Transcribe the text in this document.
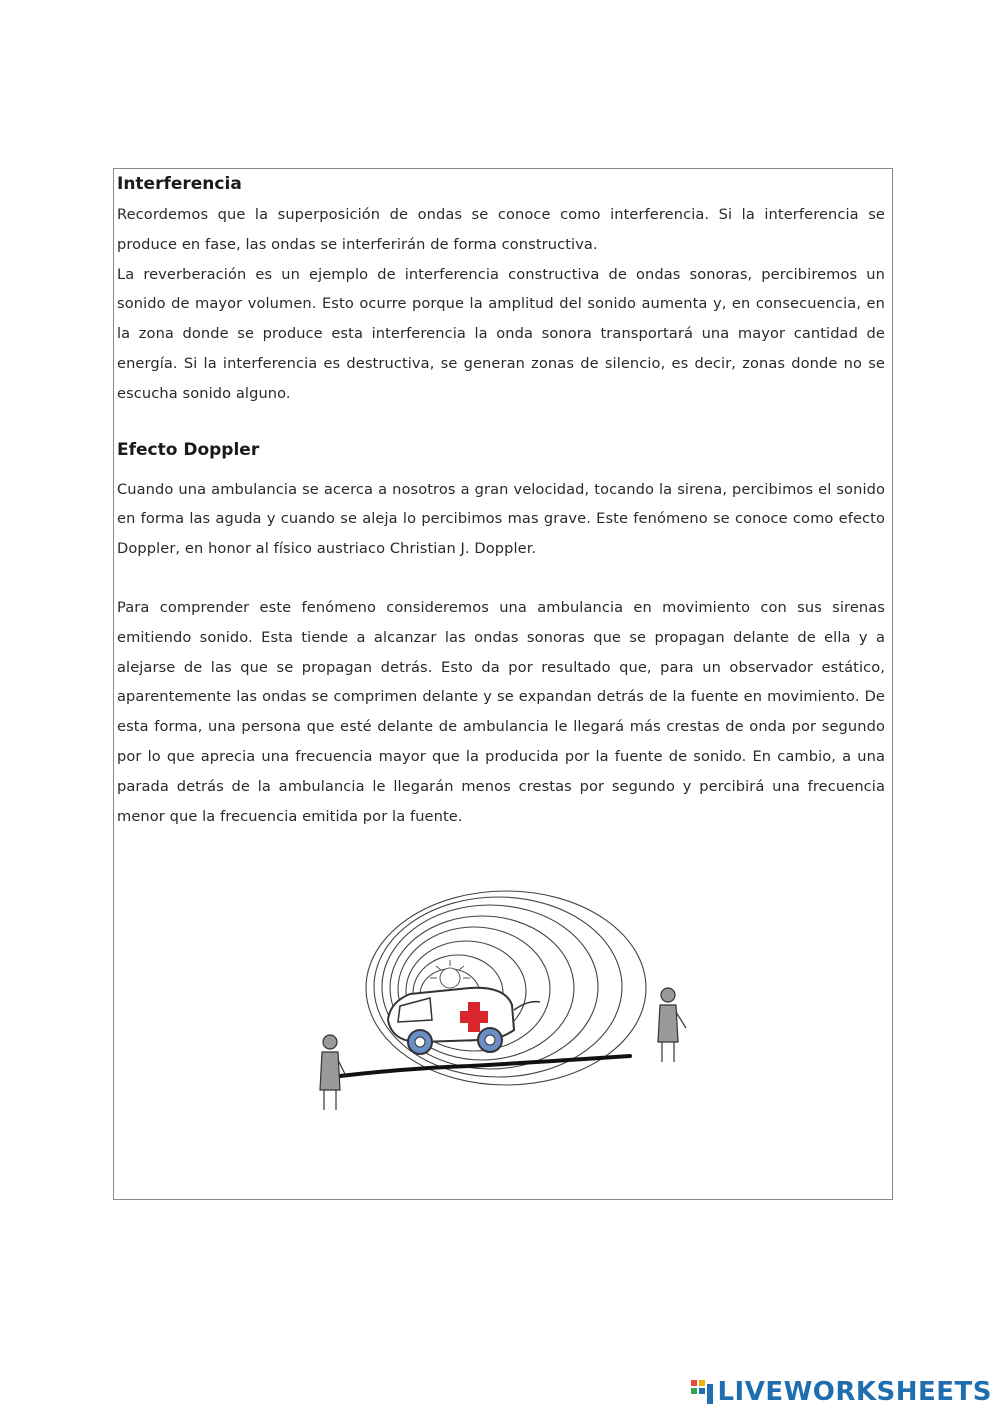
Interferencia

Recordemos que la superposición de ondas se conoce como interferencia. Si la interferencia se produce en fase, las ondas se interferirán de forma constructiva.

La reverberación es un ejemplo de interferencia constructiva de ondas sonoras, percibiremos un sonido de mayor volumen. Esto ocurre porque la amplitud del sonido aumenta y, en consecuencia, en la zona donde se produce esta interferencia la onda sonora transportará una mayor cantidad de energía. Si la interferencia es destructiva, se generan zonas de silencio, es decir, zonas donde no se escucha sonido alguno.

Efecto Doppler

Cuando una ambulancia se acerca a nosotros a gran velocidad, tocando la sirena, percibimos el sonido en forma las aguda y cuando se aleja lo percibimos mas grave. Este fenómeno se conoce como efecto Doppler, en honor al físico austriaco Christian J. Doppler.

Para comprender este fenómeno consideremos una ambulancia en movimiento con sus sirenas emitiendo sonido. Esta tiende a alcanzar las ondas sonoras que se propagan delante de ella y a alejarse de las que se propagan detrás. Esto da por resultado que, para un observador estático, aparentemente las ondas se comprimen delante y se expandan detrás de la fuente en movimiento. De esta forma, una persona que esté delante de ambulancia le llegará más crestas de onda por segundo por lo que aprecia una frecuencia mayor que la producida por la fuente de sonido. En cambio, a una parada detrás de la ambulancia le llegarán menos crestas por segundo y percibirá una frecuencia menor que la frecuencia emitida por la fuente.

LIVEWORKSHEETS
